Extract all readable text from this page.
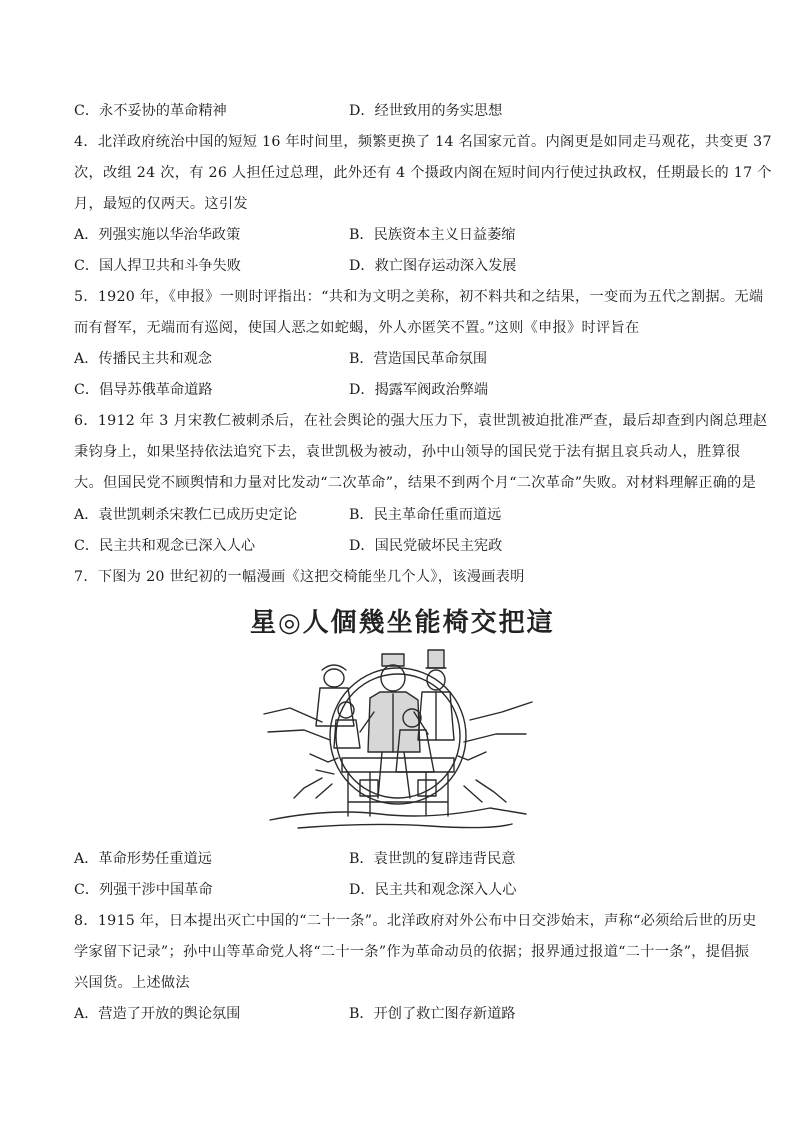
C．永不妥协的革命精神	D．经世致用的务实思想
4．北洋政府统治中国的短短 16 年时间里，频繁更换了 14 名国家元首。内阁更是如同走马观花，共变更 37
次，改组 24 次，有 26 人担任过总理，此外还有 4 个摄政内阁在短时间内行使过执政权，任期最长的 17 个
月，最短的仅两天。这引发
A．列强实施以华治华政策	B．民族资本主义日益萎缩
C．国人捍卫共和斗争失败	D．救亡图存运动深入发展
5．1920 年，《申报》一则时评指出：“共和为文明之美称，初不料共和之结果，一变而为五代之割据。无端
而有督军，无端而有巡阅，使国人恶之如蛇蝎，外人亦匿笑不置。”这则《申报》时评旨在
A．传播民主共和观念	B．营造国民革命氛围
C．倡导苏俄革命道路	D．揭露军阀政治弊端
6．1912 年 3 月宋教仁被刺杀后，在社会舆论的强大压力下，袁世凯被迫批准严查，最后却查到内阁总理赵
秉钧身上，如果坚持依法追究下去，袁世凯极为被动，孙中山领导的国民党于法有据且哀兵动人，胜算很
大。但国民党不顾舆情和力量对比发动“二次革命”，结果不到两个月“二次革命”失败。对材料理解正确的是
A．袁世凯刺杀宋教仁已成历史定论	B．民主革命任重而道远
C．民主共和观念已深入人心	D．国民党破坏民主宪政
7．下图为 20 世纪初的一幅漫画《这把交椅能坐几个人》，该漫画表明
星◎人個幾坐能椅交把這
A．革命形势任重道远	B．袁世凯的复辟违背民意
C．列强干涉中国革命	D．民主共和观念深入人心
8．1915 年，日本提出灭亡中国的“二十一条”。北洋政府对外公布中日交涉始末，声称“必须给后世的历史
学家留下记录”；孙中山等革命党人将“二十一条”作为革命动员的依据；报界通过报道“二十一条”，提倡振
兴国货。上述做法
A．营造了开放的舆论氛围	B．开创了救亡图存新道路
